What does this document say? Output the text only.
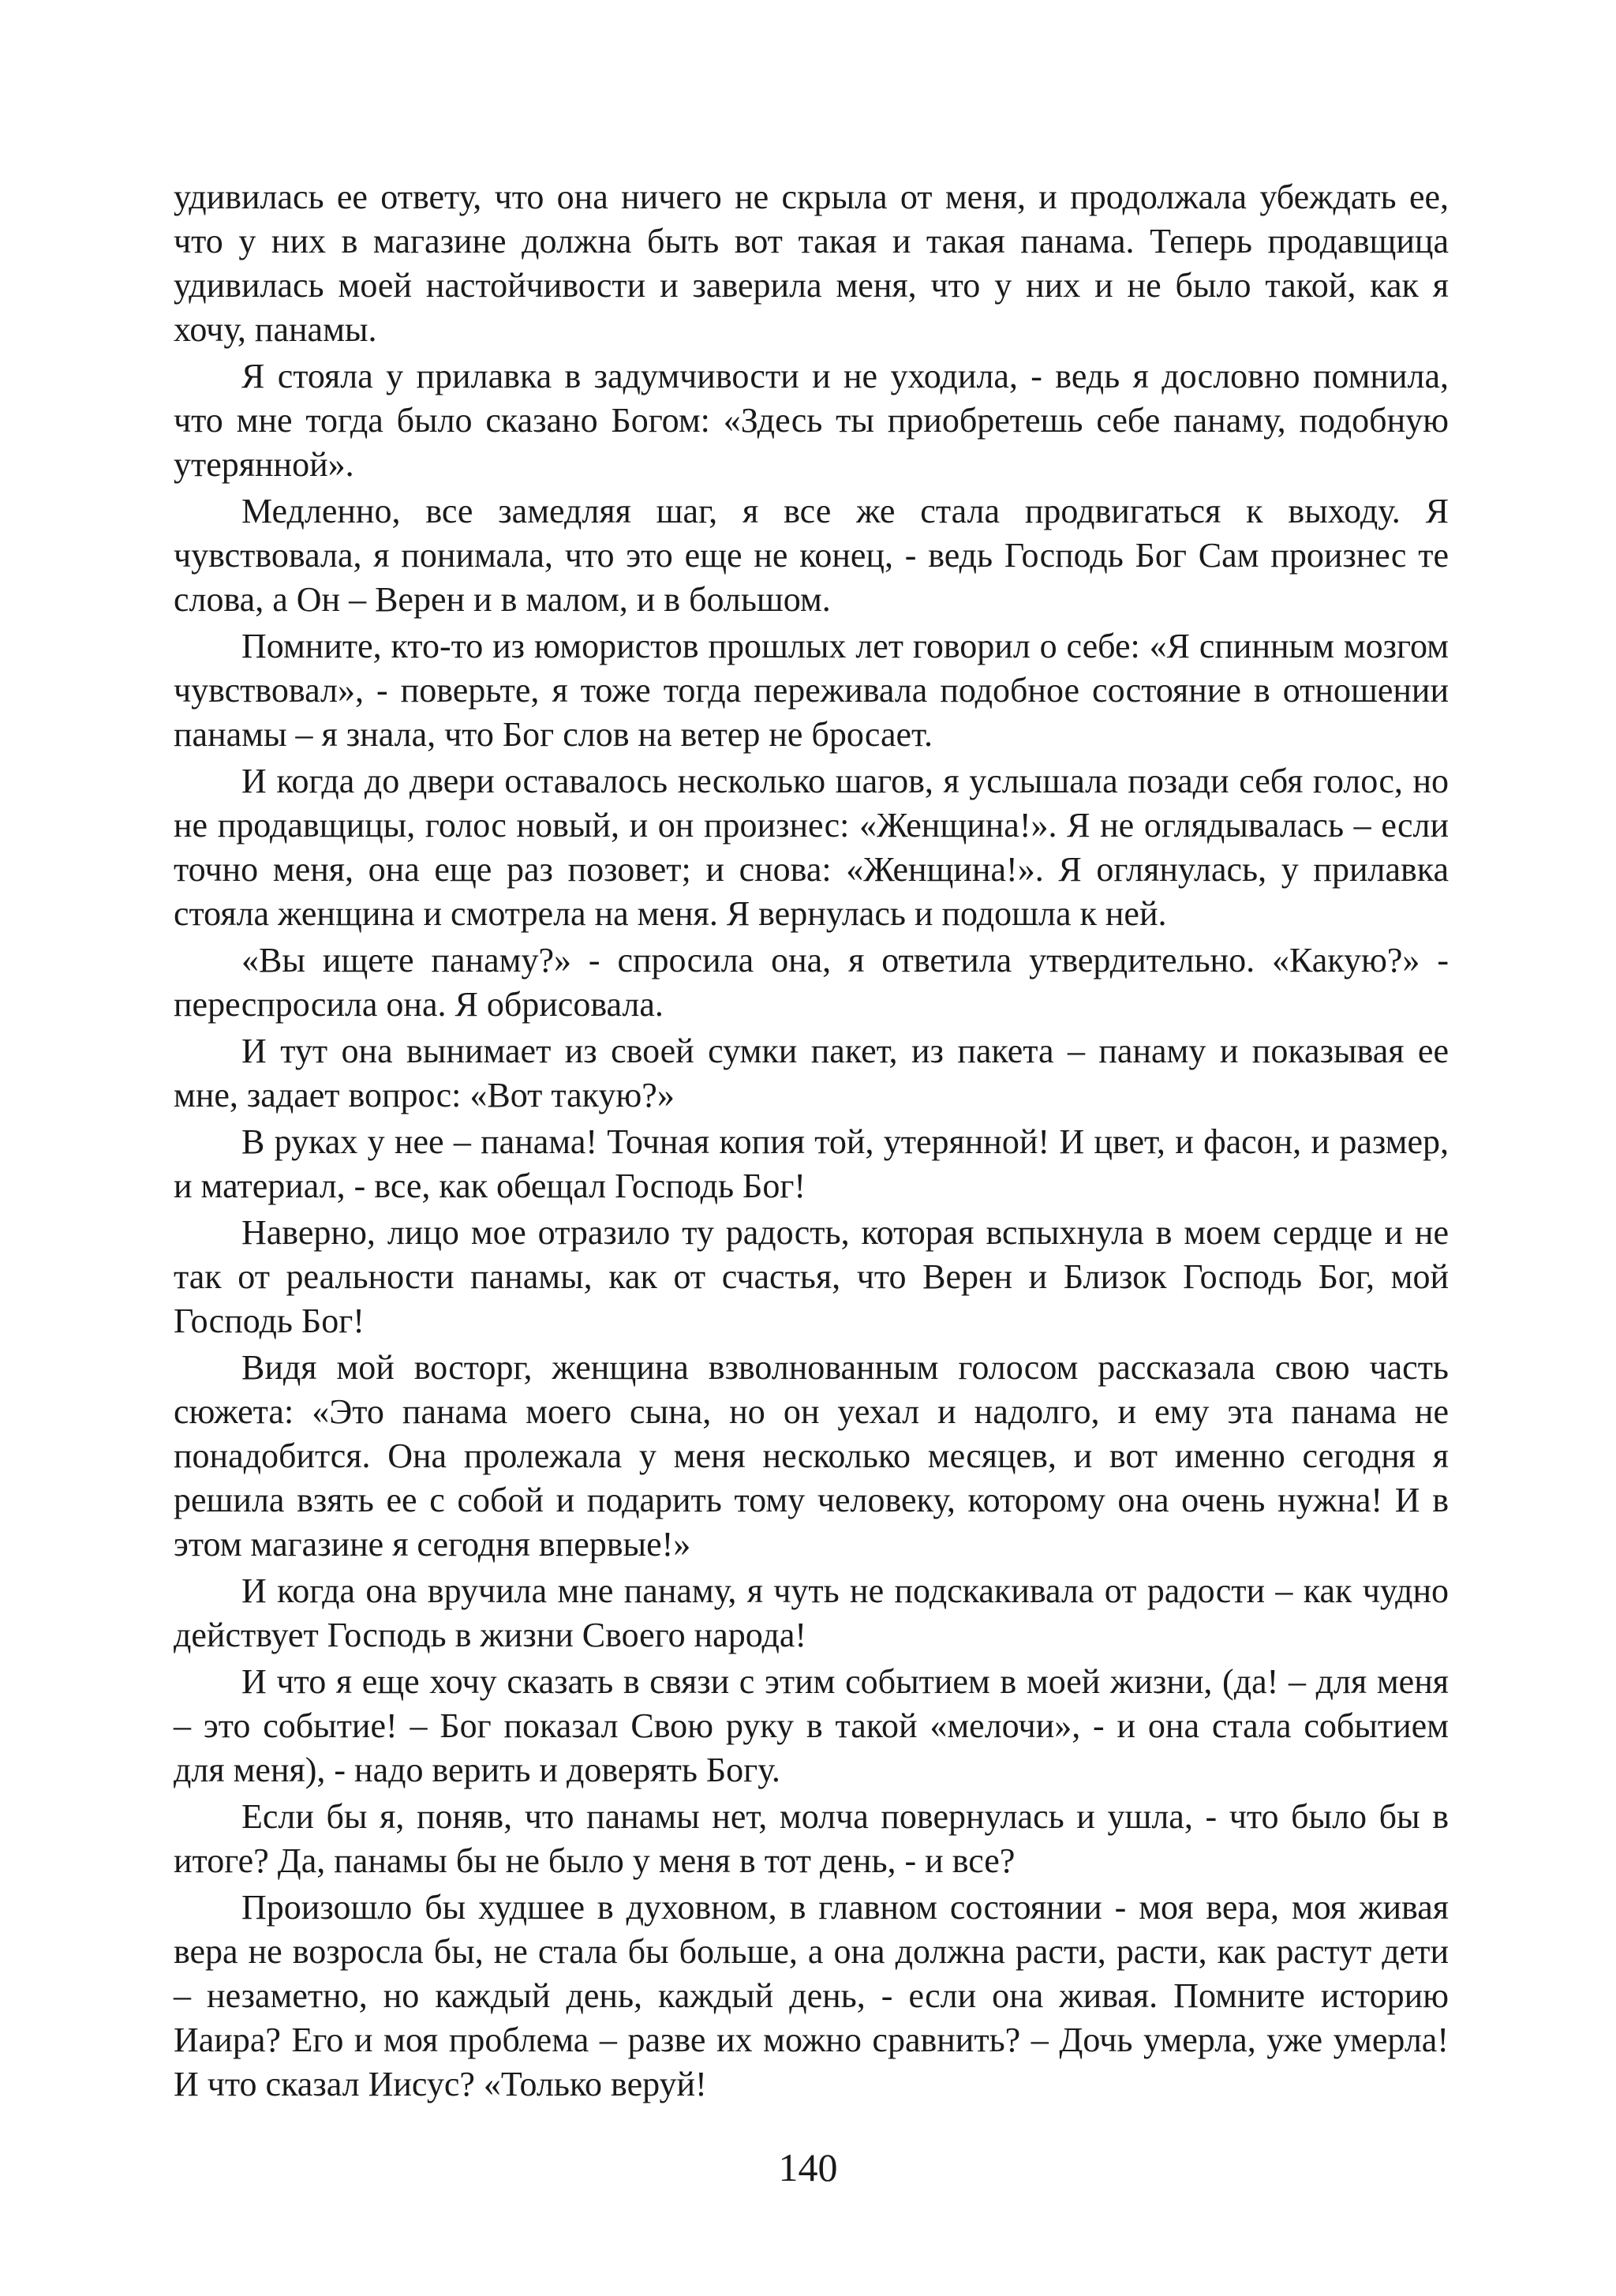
удивилась ее ответу, что она ничего не скрыла от меня, и продолжала убеждать ее, что у них в магазине должна быть вот такая и такая панама. Теперь продавщица удивилась моей настойчивости и заверила меня, что у них и не было такой, как я хочу, панамы.

Я стояла у прилавка в задумчивости и не уходила, - ведь я дословно помнила, что мне тогда было сказано Богом: «Здесь ты приобретешь себе панаму, подобную утерянной».

Медленно, все замедляя шаг, я все же стала продвигаться к выходу. Я чувствовала, я понимала, что это еще не конец, - ведь Господь Бог Сам произнес те слова, а Он – Верен и в малом, и в большом.

Помните, кто-то из юмористов прошлых лет говорил о себе: «Я спинным мозгом чувствовал», - поверьте, я тоже тогда переживала подобное состояние в отношении панамы – я знала, что Бог слов на ветер не бросает.

И когда до двери оставалось несколько шагов, я услышала позади себя голос, но не продавщицы, голос новый, и он произнес: «Женщина!». Я не оглядывалась – если точно меня, она еще раз позовет; и снова: «Женщина!». Я оглянулась, у прилавка стояла женщина и смотрела на меня. Я вернулась и подошла к ней.

«Вы ищете панаму?» - спросила она, я ответила утвердительно. «Какую?» - переспросила она. Я обрисовала.

И тут она вынимает из своей сумки пакет, из пакета – панаму и показывая ее мне, задает вопрос: «Вот такую?»

В руках у нее – панама! Точная копия той, утерянной! И цвет, и фасон, и размер, и материал, - все, как обещал Господь Бог!

Наверно, лицо мое отразило ту радость, которая вспыхнула в моем сердце и не так от реальности панамы, как от счастья, что Верен и Близок Господь Бог, мой Господь Бог!

Видя мой восторг, женщина взволнованным голосом рассказала свою часть сюжета: «Это панама моего сына, но он уехал и надолго, и ему эта панама не понадобится. Она пролежала у меня несколько месяцев, и вот именно сегодня я решила взять ее с собой и подарить тому человеку, которому она очень нужна! И в этом магазине я сегодня впервые!»

И когда она вручила мне панаму, я чуть не подскакивала от радости – как чудно действует Господь в жизни Своего народа!

И что я еще хочу сказать в связи с этим событием в моей жизни, (да! – для меня – это событие! – Бог показал Свою руку в такой «мелочи», - и она стала событием для меня), - надо верить и доверять Богу.

Если бы я, поняв, что панамы нет, молча повернулась и ушла, - что было бы в итоге? Да, панамы бы не было у меня в тот день, - и все?

Произошло бы худшее в духовном, в главном состоянии - моя вера, моя живая вера не возросла бы, не стала бы больше, а она должна расти, расти, как растут дети – незаметно, но каждый день, каждый день, - если она живая. Помните историю Иаира? Его и моя проблема – разве их можно сравнить? – Дочь умерла, уже умерла! И что сказал Иисус? «Только веруй!

140
